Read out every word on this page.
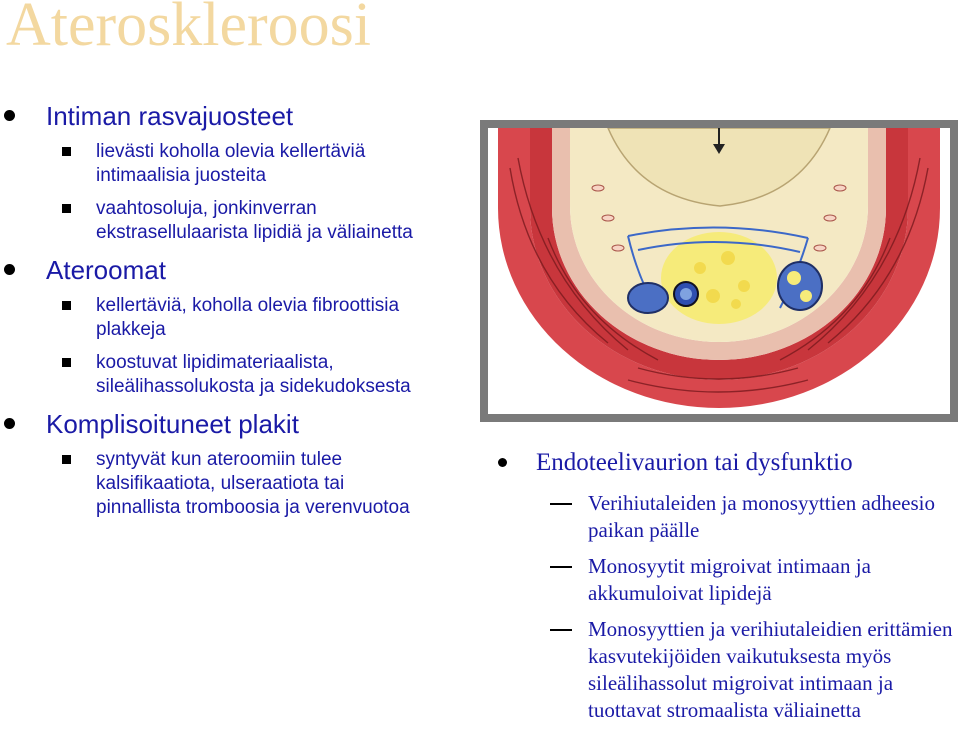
Ateroskleroosi
Intiman rasvajuosteet
lievästi koholla olevia kellertäviä intimaalisia juosteita
vaahtosoluja, jonkinverran ekstrasellulaarista lipidiä ja väliainetta
Ateroomat
kellertäviä, koholla olevia fibroottisia plakkeja
koostuvat lipidimateriaalista, sileälihassolukosta ja sidekudoksesta
Komplisoituneet plakit
syntyvät kun ateroomiin tulee kalsifikaatiota, ulseraatiota tai pinnallista tromboosia ja verenvuotoa
Endoteelivaurion tai dysfunktio
Verihiutaleiden ja monosyyttien adheesio paikan päälle
Monosyytit migroivat intimaan ja akkumuloivat lipidejä
Monosyyttien ja verihiutaleidien erittämien kasvutekijöiden vaikutuksesta myös sileälihassolut migroivat intimaan ja tuottavat stromaalista väliainetta
